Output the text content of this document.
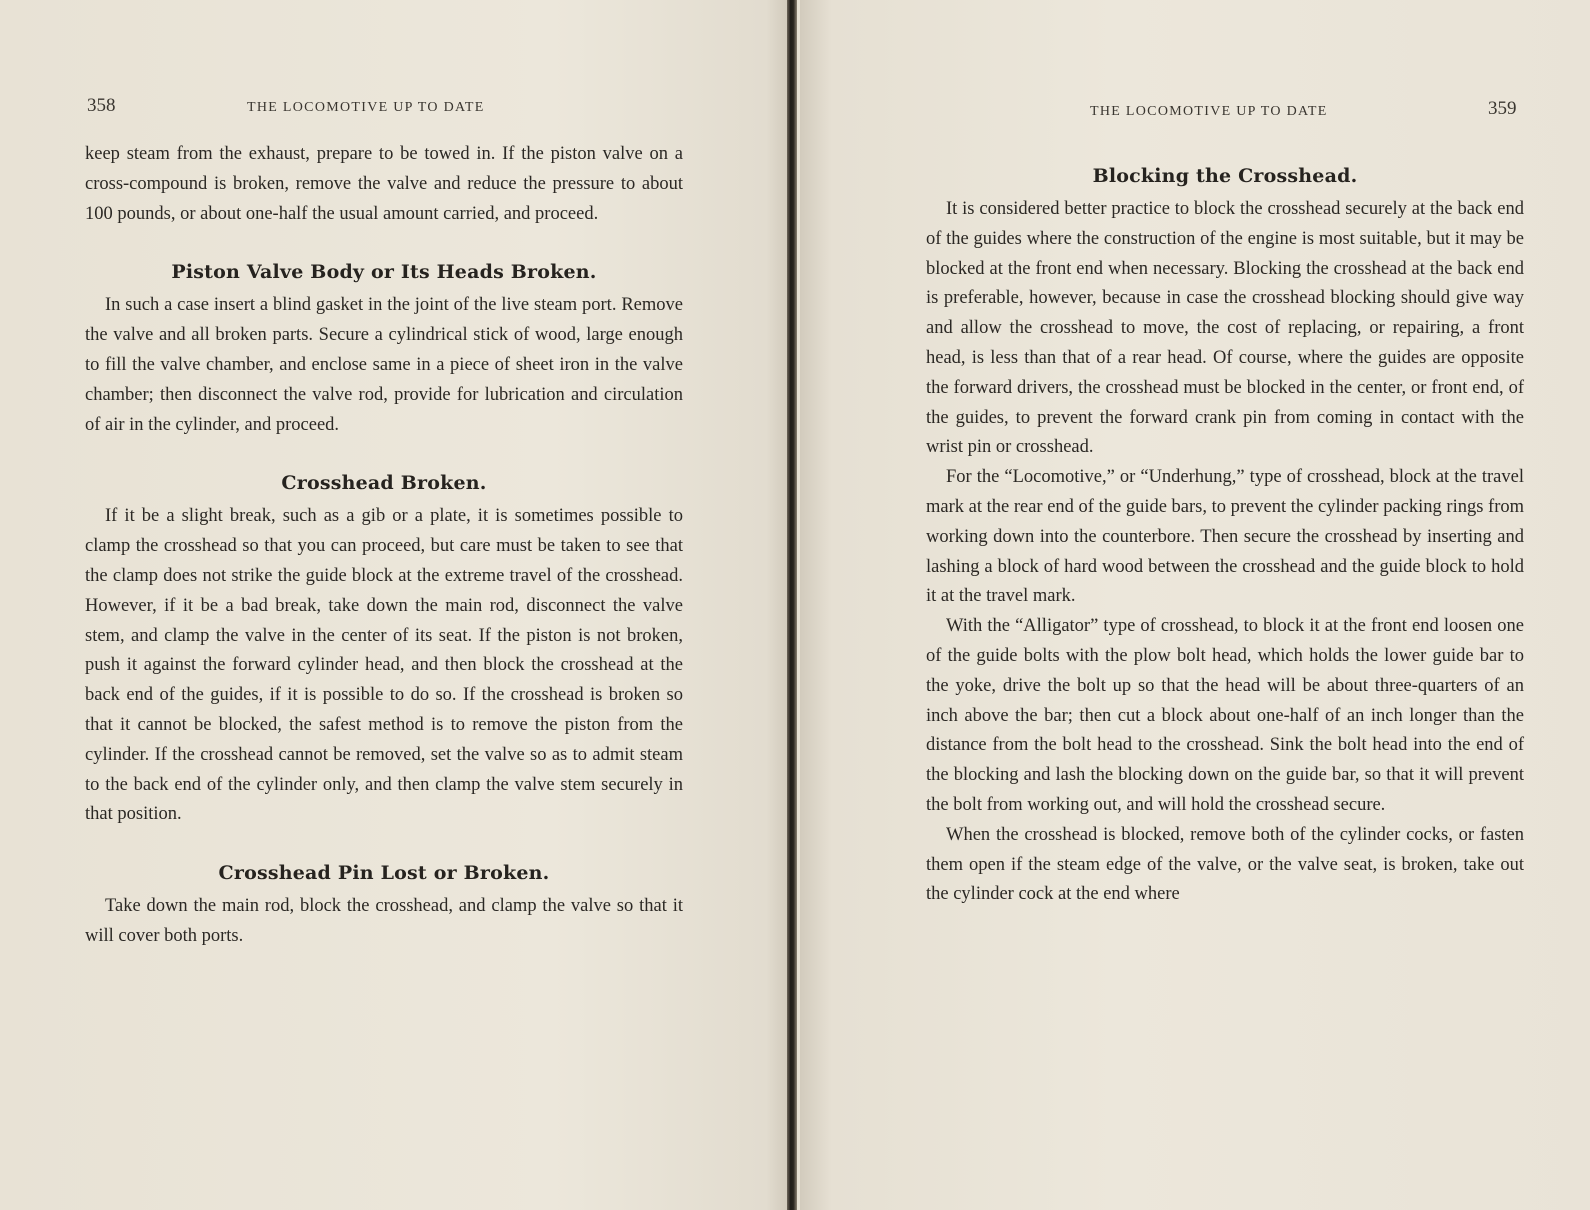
358	THE LOCOMOTIVE UP TO DATE

keep steam from the exhaust, prepare to be towed in. If the piston valve on a cross-compound is broken, remove the valve and reduce the pressure to about 100 pounds, or about one-half the usual amount carried, and proceed.

Piston Valve Body or Its Heads Broken.

In such a case insert a blind gasket in the joint of the live steam port. Remove the valve and all broken parts. Secure a cylindrical stick of wood, large enough to fill the valve chamber, and enclose same in a piece of sheet iron in the valve chamber; then disconnect the valve rod, provide for lubrication and circulation of air in the cylinder, and proceed.

Crosshead Broken.

If it be a slight break, such as a gib or a plate, it is sometimes possible to clamp the crosshead so that you can proceed, but care must be taken to see that the clamp does not strike the guide block at the extreme travel of the crosshead. However, if it be a bad break, take down the main rod, disconnect the valve stem, and clamp the valve in the center of its seat. If the piston is not broken, push it against the forward cylinder head, and then block the crosshead at the back end of the guides, if it is possible to do so. If the crosshead is broken so that it cannot be blocked, the safest method is to remove the piston from the cylinder. If the crosshead cannot be removed, set the valve so as to admit steam to the back end of the cylinder only, and then clamp the valve stem securely in that position.

Crosshead Pin Lost or Broken.

Take down the main rod, block the crosshead, and clamp the valve so that it will cover both ports.

THE LOCOMOTIVE UP TO DATE	359
Blocking the Crosshead.

It is considered better practice to block the crosshead securely at the back end of the guides where the construction of the engine is most suitable, but it may be blocked at the front end when necessary. Blocking the crosshead at the back end is preferable, however, because in case the crosshead blocking should give way and allow the crosshead to move, the cost of replacing, or repairing, a front head, is less than that of a rear head. Of course, where the guides are opposite the forward drivers, the crosshead must be blocked in the center, or front end, of the guides, to prevent the forward crank pin from coming in contact with the wrist pin or crosshead.

For the “Locomotive,” or “Underhung,” type of crosshead, block at the travel mark at the rear end of the guide bars, to prevent the cylinder packing rings from working down into the counterbore. Then secure the crosshead by inserting and lashing a block of hard wood between the crosshead and the guide block to hold it at the travel mark.

With the “Alligator” type of crosshead, to block it at the front end loosen one of the guide bolts with the plow bolt head, which holds the lower guide bar to the yoke, drive the bolt up so that the head will be about three-quarters of an inch above the bar; then cut a block about one-half of an inch longer than the distance from the bolt head to the crosshead. Sink the bolt head into the end of the blocking and lash the blocking down on the guide bar, so that it will prevent the bolt from working out, and will hold the crosshead secure.

When the crosshead is blocked, remove both of the cylinder cocks, or fasten them open if the steam edge of the valve, or the valve seat, is broken, take out the cylinder cock at the end where
